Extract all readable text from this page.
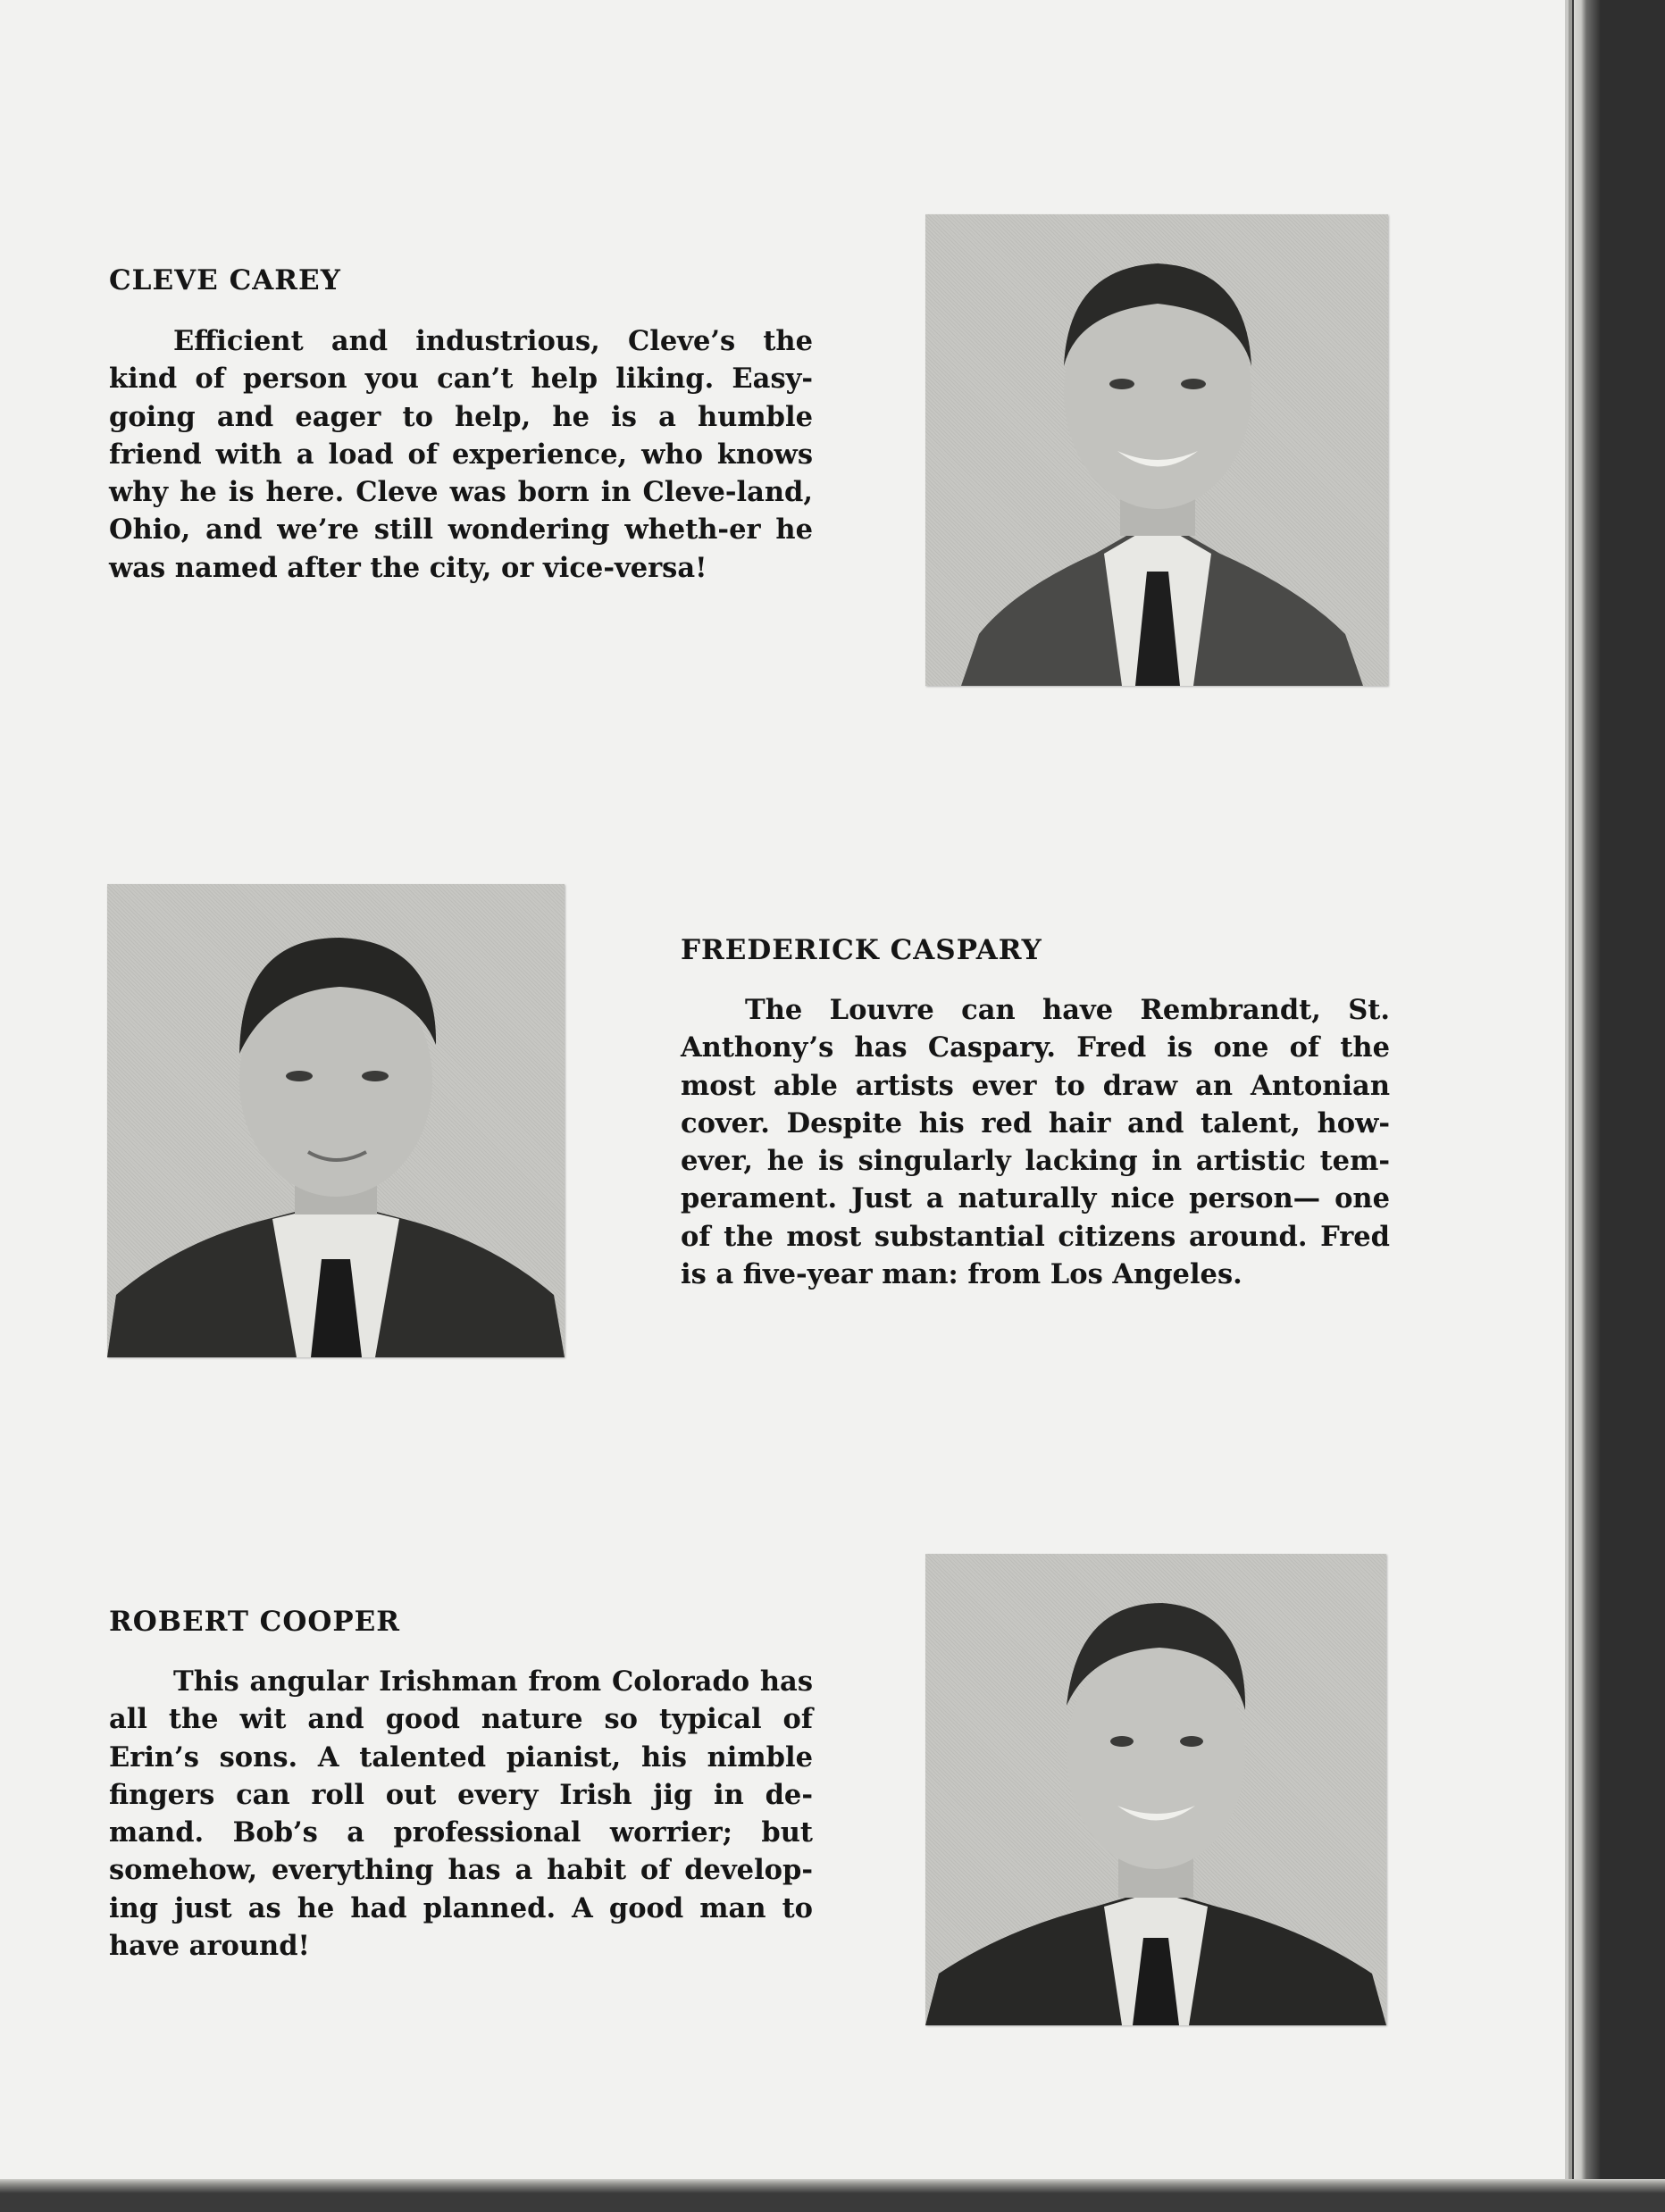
CLEVE CAREY

Efficient and industrious, Cleve’s the kind of person you can’t help liking. Easy-going and eager to help, he is a humble friend with a load of experience, who knows why he is here. Cleve was born in Cleve-land, Ohio, and we’re still wondering wheth-er he was named after the city, or vice-versa!

FREDERICK CASPARY

The Louvre can have Rembrandt, St. Anthony’s has Caspary. Fred is one of the most able artists ever to draw an Antonian cover. Despite his red hair and talent, how-ever, he is singularly lacking in artistic tem-perament. Just a naturally nice person— one of the most substantial citizens around. Fred is a five-year man: from Los Angeles.

ROBERT COOPER

This angular Irishman from Colorado has all the wit and good nature so typical of Erin’s sons. A talented pianist, his nimble fingers can roll out every Irish jig in de-mand. Bob’s a professional worrier; but somehow, everything has a habit of develop-ing just as he had planned. A good man to have around!
